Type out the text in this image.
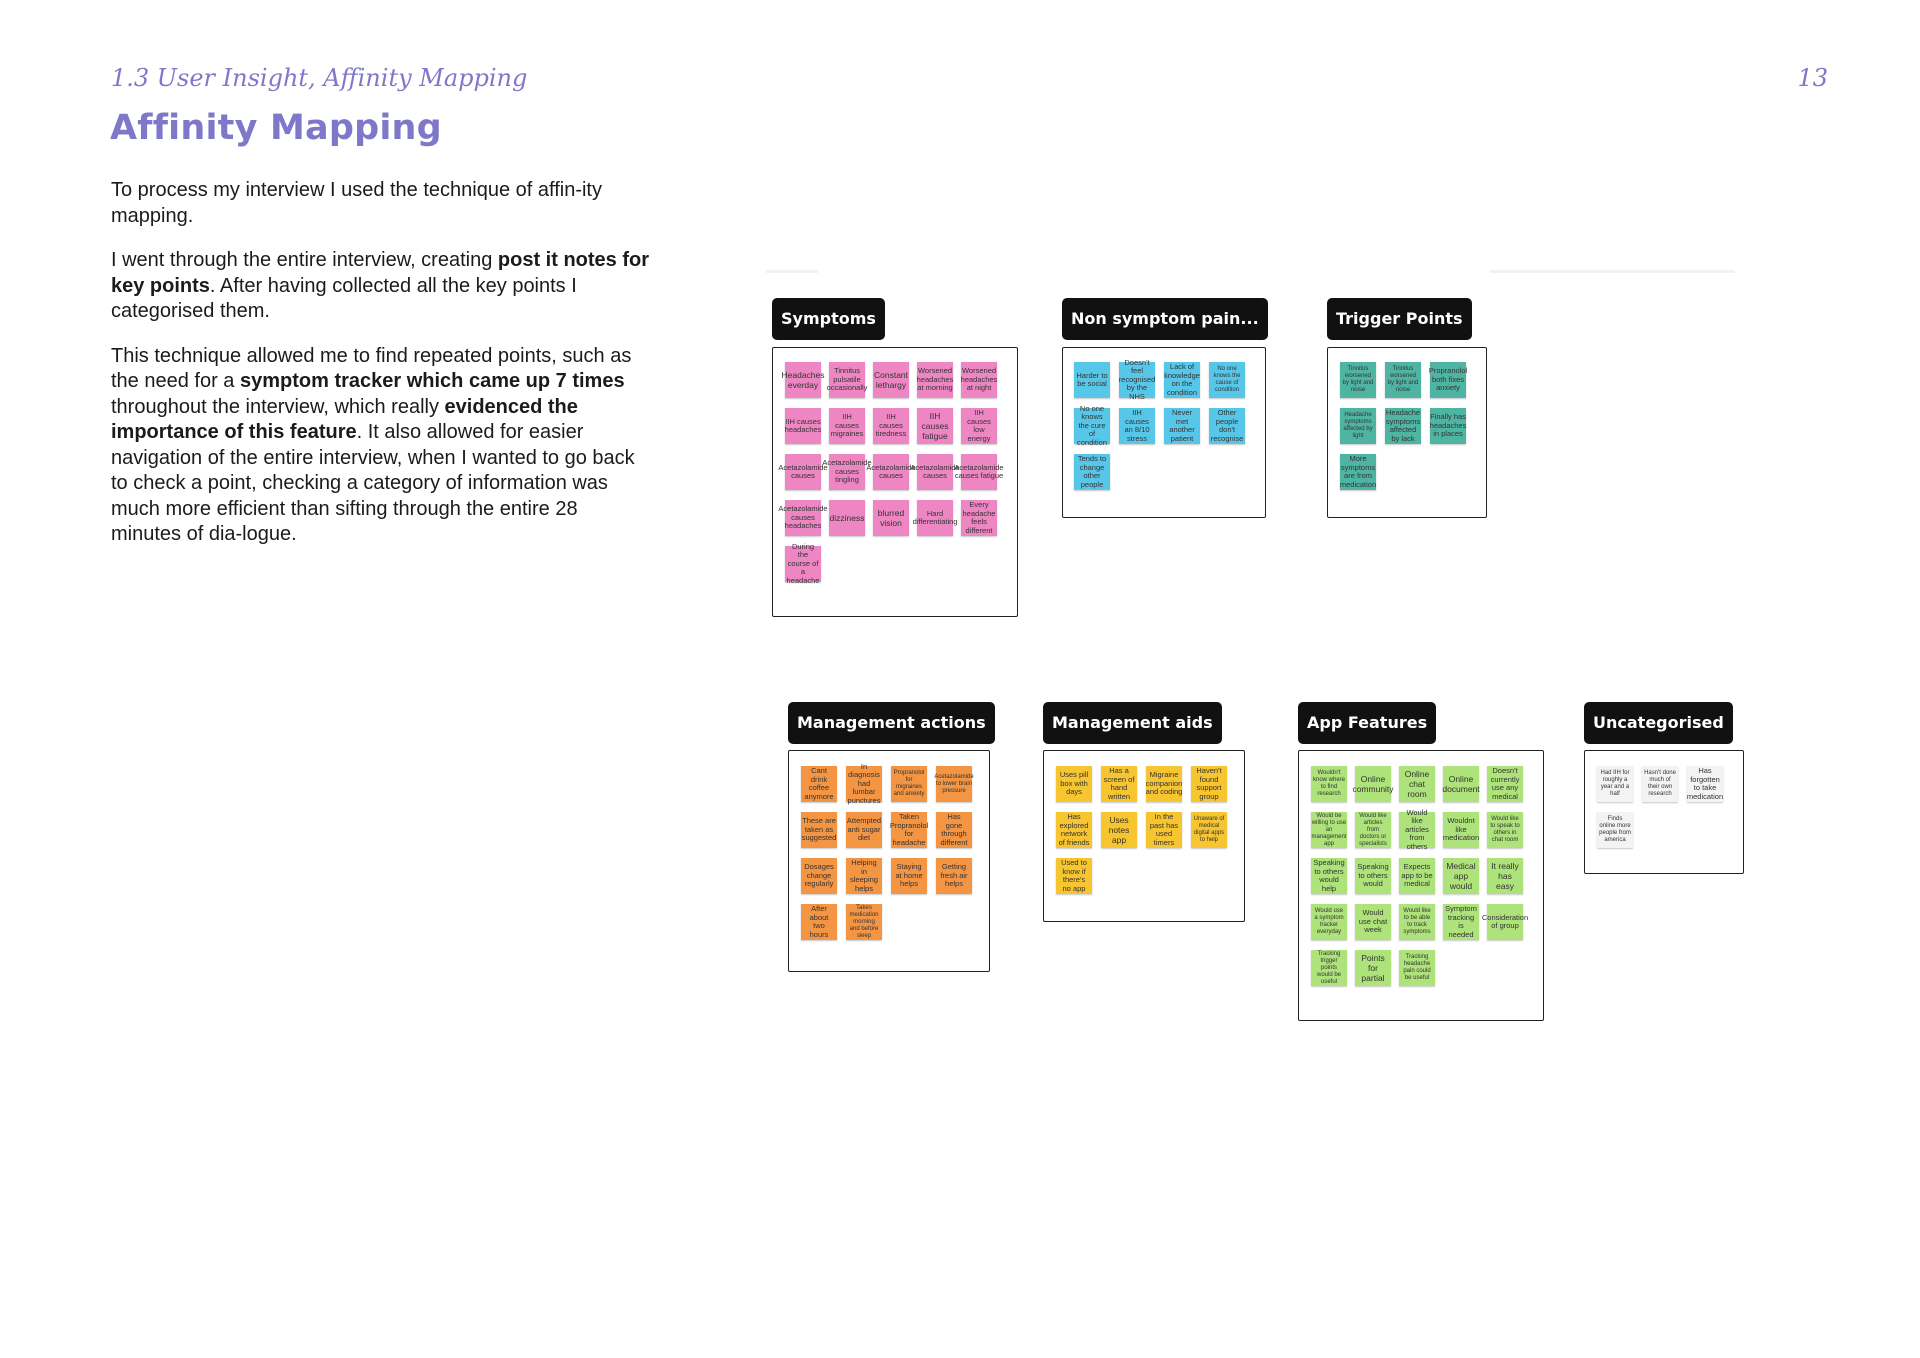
1.3 User Insight, Affinity Mapping	13
Affinity Mapping

To process my interview I used the technique of affin-ity mapping.

I went through the entire interview, creating post it notes for key points. After having collected all the key points I categorised them.

This technique allowed me to find repeated points, such as the need for a symptom tracker which came up 7 times throughout the interview, which really evidenced the importance of this feature. It also allowed for easier navigation of the entire interview, when I wanted to go back to check a point, checking a category of information was much more efficient than sifting through the entire 28 minutes of dia-logue.

Symptoms
Headaches everday
Tinnitus pulsatile occasionally
Constant lethargy
Worsened headaches at morning
Worsened headaches at night
IIH causes headaches
IIH causes migraines
IIH causes tiredness
IIH causes fatigue
IIH causes low energy
Acetazolamide causes
Acetazolamide causes tingling
Acetazolamide causes
Acetazolamide causes
Acetazolamide causes fatigue
Acetazolamide causes headaches
dizziness	blurred vision
Hard differentiating
Every headache feels different
During the course of a headache
Non symptom pain...
Harder to be social
Doesn't feel recognised by the NHS
Lack of knowledge on the condition
No one knows the cause of condition
No one knows the cure of condition
IIH causes an 8/10 stress
Never met another patient
Other people don't recognise
Tends to change other people
Trigger Points
Tinnitus worsened by light and noise
Tinnitus worsened by light and noise
Propranolol both fixes anxiety
Headache symptoms affected by light
Headache symptoms affected by lack
Finally has headaches in places
More symptoms are from medication
Management actions
Cant drink coffee anymore
In diagnosis had lumbar punctures
Propranolol for migraines and anxiety
Acetazolamide to lower brain pressure
These are taken as suggested
Attempted anti sugar diet
Taken Propranolol for headache
Has gone through different
Dosages change regularly
Helping in sleeping helps
Staying at home helps
Getting fresh air helps
After about two hours
Takes medication morning and before sleep
Management aids
Uses pill box with days
Has a screen of hand written
Migraine companion and coding
Haven't found support group
Has explored network of friends
Uses notes app
In the past has used timers
Unaware of medical digital apps to help
Used to know if there's no app
App Features
Wouldn't know where to find research
Online community
Online chat room
Online document
Doesn't currently use any medical
Would be willing to use an management app
Would like articles from doctors or specialists
Would like articles from others
Wouldnt like medication
Would like to speak to others in chat room
Speaking to others would help
Speaking to others would
Expects app to be medical
Medical app would
It really has easy
Would use a symptom tracker everyday
Would use chat week
Would like to be able to track symptoms
Symptom tracking is needed
Consideration of group
Tracking trigger points would be useful
Points for partial
Tracking headache pain could be useful
Uncategorised
Had IIH for roughly a year and a half
Hasn't done much of their own research
Has forgotten to take medication
Finds online more people from america
